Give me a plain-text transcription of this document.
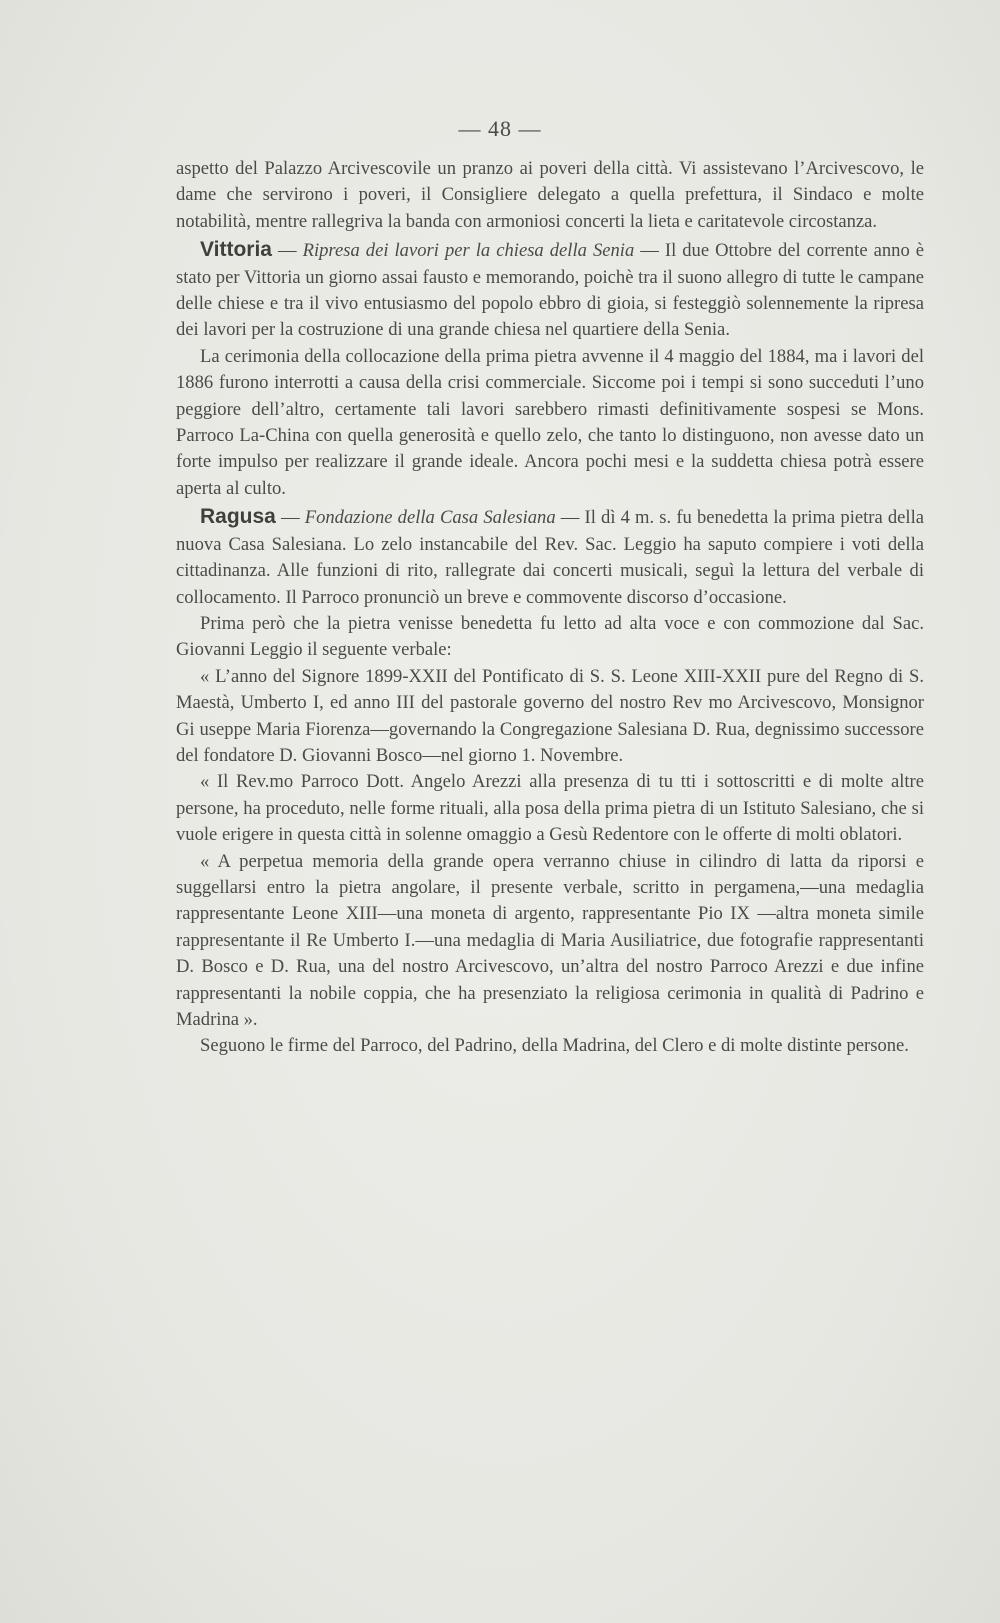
— 48 —

aspetto del Palazzo Arcivescovile un pranzo ai poveri della città. Vi assistevano l’Arcivescovo, le dame che servirono i poveri, il Consigliere delegato a quella prefettura, il Sindaco e molte notabilità, mentre rallegriva la banda con armoniosi concerti la lieta e caritatevole circostanza.

Vittoria — Ripresa dei lavori per la chiesa della Senia — Il due Ottobre del corrente anno è stato per Vittoria un giorno assai fausto e memorando, poichè tra il suono allegro di tutte le campane delle chiese e tra il vivo entusiasmo del popolo ebbro di gioia, si festeggiò solennemente la ripresa dei lavori per la costruzione di una grande chiesa nel quartiere della Senia.

La cerimonia della collocazione della prima pietra avvenne il 4 maggio del 1884, ma i lavori del 1886 furono interrotti a causa della crisi commerciale. Siccome poi i tempi si sono succeduti l’uno peggiore dell’altro, certamente tali lavori sarebbero rimasti definitivamente sospesi se Mons. Parroco La-China con quella generosità e quello zelo, che tanto lo distinguono, non avesse dato un forte impulso per realizzare il grande ideale. Ancora pochi mesi e la suddetta chiesa potrà essere aperta al culto.

Ragusa — Fondazione della Casa Salesiana — Il dì 4 m. s. fu benedetta la prima pietra della nuova Casa Salesiana. Lo zelo instancabile del Rev. Sac. Leggio ha saputo compiere i voti della cittadinanza. Alle funzioni di rito, rallegrate dai concerti musicali, seguì la lettura del verbale di collocamento. Il Parroco pronunciò un breve e commovente discorso d’occasione.

Prima però che la pietra venisse benedetta fu letto ad alta voce e con commozione dal Sac. Giovanni Leggio il seguente verbale:

« L’anno del Signore 1899-XXII del Pontificato di S. S. Leone XIII-XXII pure del Regno di S. Maestà, Umberto I, ed anno III del pastorale governo del nostro Rev mo Arcivescovo, Monsignor Gi useppe Maria Fiorenza—governando la Congregazione Salesiana D. Rua, degnissimo successore del fondatore D. Giovanni Bosco—nel giorno 1. Novembre.

« Il Rev.mo Parroco Dott. Angelo Arezzi alla presenza di tu tti i sottoscritti e di molte altre persone, ha proceduto, nelle forme rituali, alla posa della prima pietra di un Istituto Salesiano, che si vuole erigere in questa città in solenne omaggio a Gesù Redentore con le offerte di molti oblatori.

« A perpetua memoria della grande opera verranno chiuse in cilindro di latta da riporsi e suggellarsi entro la pietra angolare, il presente verbale, scritto in pergamena,—una medaglia rappresentante Leone XIII—una moneta di argento, rappresentante Pio IX —altra moneta simile rappresentante il Re Umberto I.—una medaglia di Maria Ausiliatrice, due fotografie rappresentanti D. Bosco e D. Rua, una del nostro Arcivescovo, un’altra del nostro Parroco Arezzi e due infine rappresentanti la nobile coppia, che ha presenziato la religiosa cerimonia in qualità di Padrino e Madrina ».

Seguono le firme del Parroco, del Padrino, della Madrina, del Clero e di molte distinte persone.
